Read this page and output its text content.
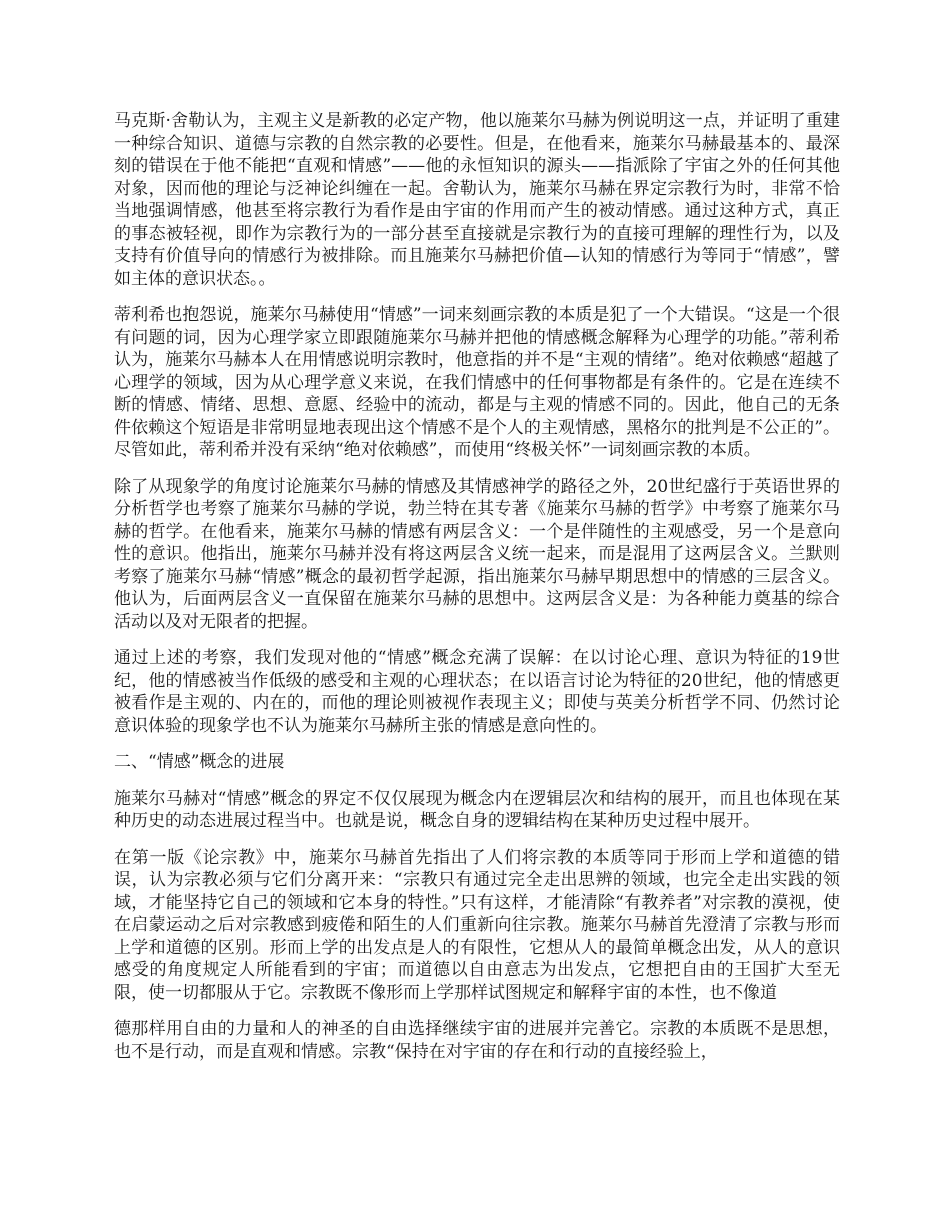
马克斯·舍勒认为，主观主义是新教的必定产物，他以施莱尔马赫为例说明这一点，并证明了重建一种综合知识、道德与宗教的自然宗教的必要性。但是，在他看来，施莱尔马赫最基本的、最深刻的错误在于他不能把“直观和情感”——他的永恒知识的源头——指派除了宇宙之外的任何其他对象，因而他的理论与泛神论纠缠在一起。舍勒认为，施莱尔马赫在界定宗教行为时，非常不恰当地强调情感，他甚至将宗教行为看作是由宇宙的作用而产生的被动情感。通过这种方式，真正的事态被轻视，即作为宗教行为的一部分甚至直接就是宗教行为的直接可理解的理性行为，以及支持有价值导向的情感行为被排除。而且施莱尔马赫把价值—认知的情感行为等同于“情感”，譬如主体的意识状态。。

蒂利希也抱怨说，施莱尔马赫使用“情感”一词来刻画宗教的本质是犯了一个大错误。“这是一个很有问题的词，因为心理学家立即跟随施莱尔马赫并把他的情感概念解释为心理学的功能。”蒂利希认为，施莱尔马赫本人在用情感说明宗教时，他意指的并不是“主观的情绪”。绝对依赖感“超越了心理学的领域，因为从心理学意义来说，在我们情感中的任何事物都是有条件的。它是在连续不断的情感、情绪、思想、意愿、经验中的流动，都是与主观的情感不同的。因此，他自己的无条件依赖这个短语是非常明显地表现出这个情感不是个人的主观情感，黑格尔的批判是不公正的”。尽管如此，蒂利希并没有采纳“绝对依赖感”，而使用“终极关怀”一词刻画宗教的本质。

除了从现象学的角度讨论施莱尔马赫的情感及其情感神学的路径之外，20世纪盛行于英语世界的分析哲学也考察了施莱尔马赫的学说，勃兰特在其专著《施莱尔马赫的哲学》中考察了施莱尔马赫的哲学。在他看来，施莱尔马赫的情感有两层含义：一个是伴随性的主观感受，另一个是意向性的意识。他指出，施莱尔马赫并没有将这两层含义统一起来，而是混用了这两层含义。兰默则考察了施莱尔马赫“情感”概念的最初哲学起源，指出施莱尔马赫早期思想中的情感的三层含义。他认为，后面两层含义一直保留在施莱尔马赫的思想中。这两层含义是：为各种能力奠基的综合活动以及对无限者的把握。

通过上述的考察，我们发现对他的“情感”概念充满了误解：在以讨论心理、意识为特征的19世纪，他的情感被当作低级的感受和主观的心理状态；在以语言讨论为特征的20世纪，他的情感更被看作是主观的、内在的，而他的理论则被视作表现主义；即使与英美分析哲学不同、仍然讨论意识体验的现象学也不认为施莱尔马赫所主张的情感是意向性的。

二、“情感”概念的进展

施莱尔马赫对“情感”概念的界定不仅仅展现为概念内在逻辑层次和结构的展开，而且也体现在某种历史的动态进展过程当中。也就是说，概念自身的逻辑结构在某种历史过程中展开。

在第一版《论宗教》中，施莱尔马赫首先指出了人们将宗教的本质等同于形而上学和道德的错误，认为宗教必须与它们分离开来：“宗教只有通过完全走出思辨的领域，也完全走出实践的领域，才能坚持它自己的领域和它本身的特性。”只有这样，才能清除“有教养者”对宗教的漠视，使在启蒙运动之后对宗教感到疲倦和陌生的人们重新向往宗教。施莱尔马赫首先澄清了宗教与形而上学和道德的区别。形而上学的出发点是人的有限性，它想从人的最简单概念出发，从人的意识感受的角度规定人所能看到的宇宙；而道德以自由意志为出发点，它想把自由的王国扩大至无限，使一切都服从于它。宗教既不像形而上学那样试图规定和解释宇宙的本性，也不像道

德那样用自由的力量和人的神圣的自由选择继续宇宙的进展并完善它。宗教的本质既不是思想，也不是行动，而是直观和情感。宗教“保持在对宇宙的存在和行动的直接经验上，
